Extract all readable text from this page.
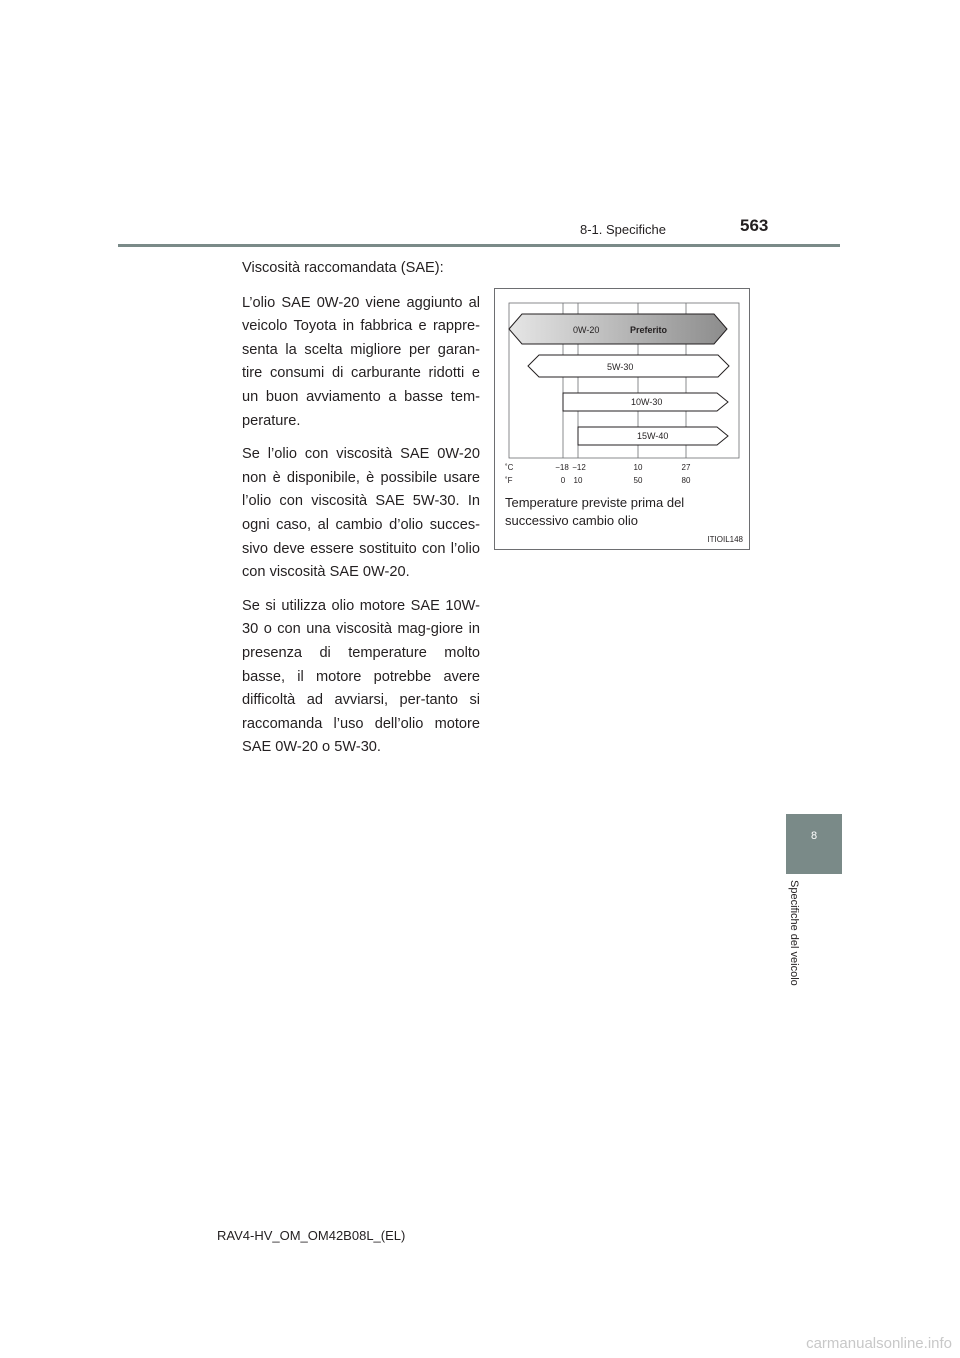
8-1. Specifiche	563

Viscosità raccomandata (SAE):

L’olio SAE 0W-20 viene aggiunto al veicolo Toyota in fabbrica e rappre-senta la scelta migliore per garan-tire consumi di carburante ridotti e un buon avviamento a basse tem-perature.

Se l’olio con viscosità SAE 0W-20 non è disponibile, è possibile usare l’olio con viscosità SAE 5W-30. In ogni caso, al cambio d’olio succes-sivo deve essere sostituito con l’olio con viscosità SAE 0W-20.

Se si utilizza olio motore SAE 10W-30 o con una viscosità mag-giore in presenza di temperature molto basse, il motore potrebbe avere difficoltà ad avviarsi, per-tanto si raccomanda l’uso dell’olio motore SAE 0W-20 o 5W-30.

0W-20	Preferito
5W-30
10W-30
15W-40
˚C
˚F
−18 −12	10	27
0 10	50	80
Temperature previste prima del
successivo cambio olio
ITIOIL148
8
Specifiche del veicolo
RAV4-HV_OM_OM42B08L_(EL)
carmanualsonline.info
